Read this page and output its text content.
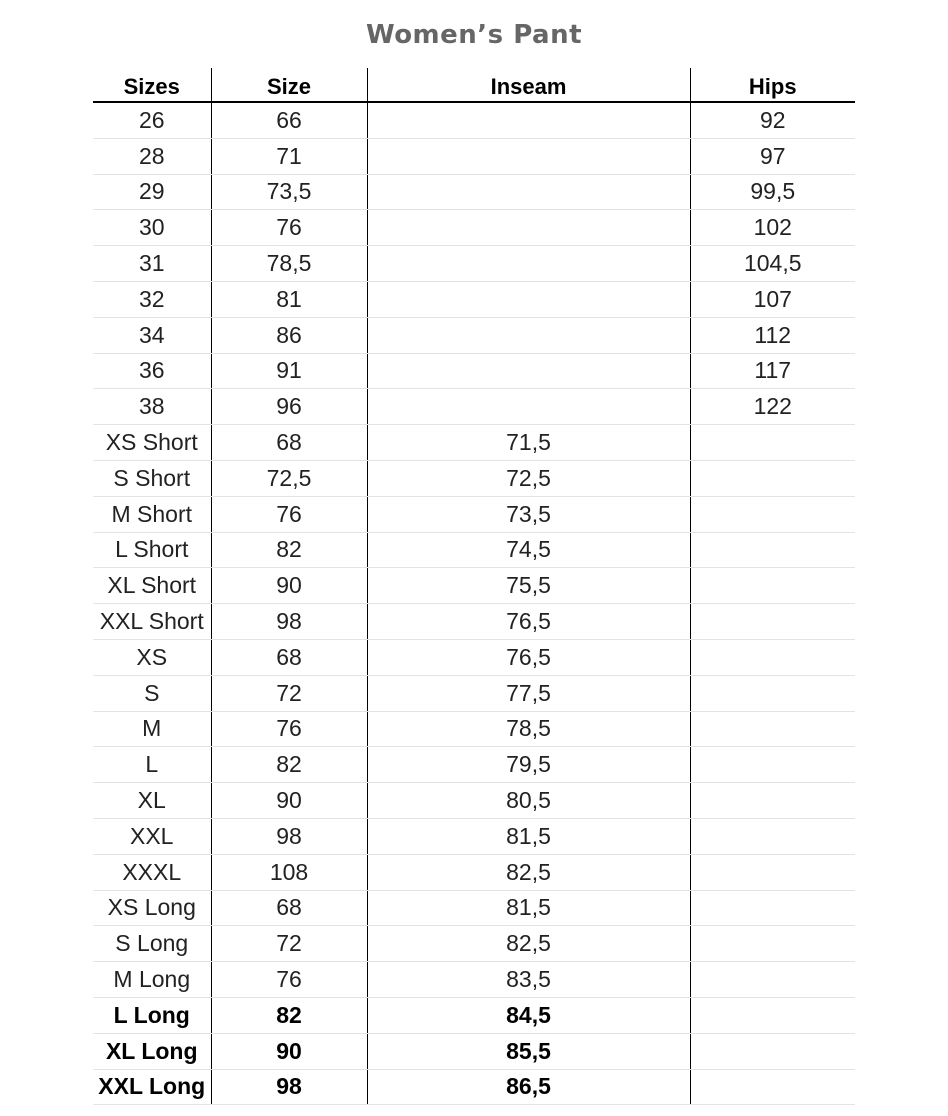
Women’s Pant
Sizes	Size	Inseam	Hips
26	66		92
28	71		97
29	73,5		99,5
30	76		102
31	78,5		104,5
32	81		107
34	86		112
36	91		117
38	96		122
XS Short	68	71,5	
S Short	72,5	72,5	
M Short	76	73,5	
L Short	82	74,5	
XL Short	90	75,5	
XXL Short	98	76,5	
XS	68	76,5	
S	72	77,5	
M	76	78,5	
L	82	79,5	
XL	90	80,5	
XXL	98	81,5	
XXXL	108	82,5	
XS Long	68	81,5	
S Long	72	82,5	
M Long	76	83,5	
L Long	82	84,5	
XL Long	90	85,5	
XXL Long	98	86,5	
